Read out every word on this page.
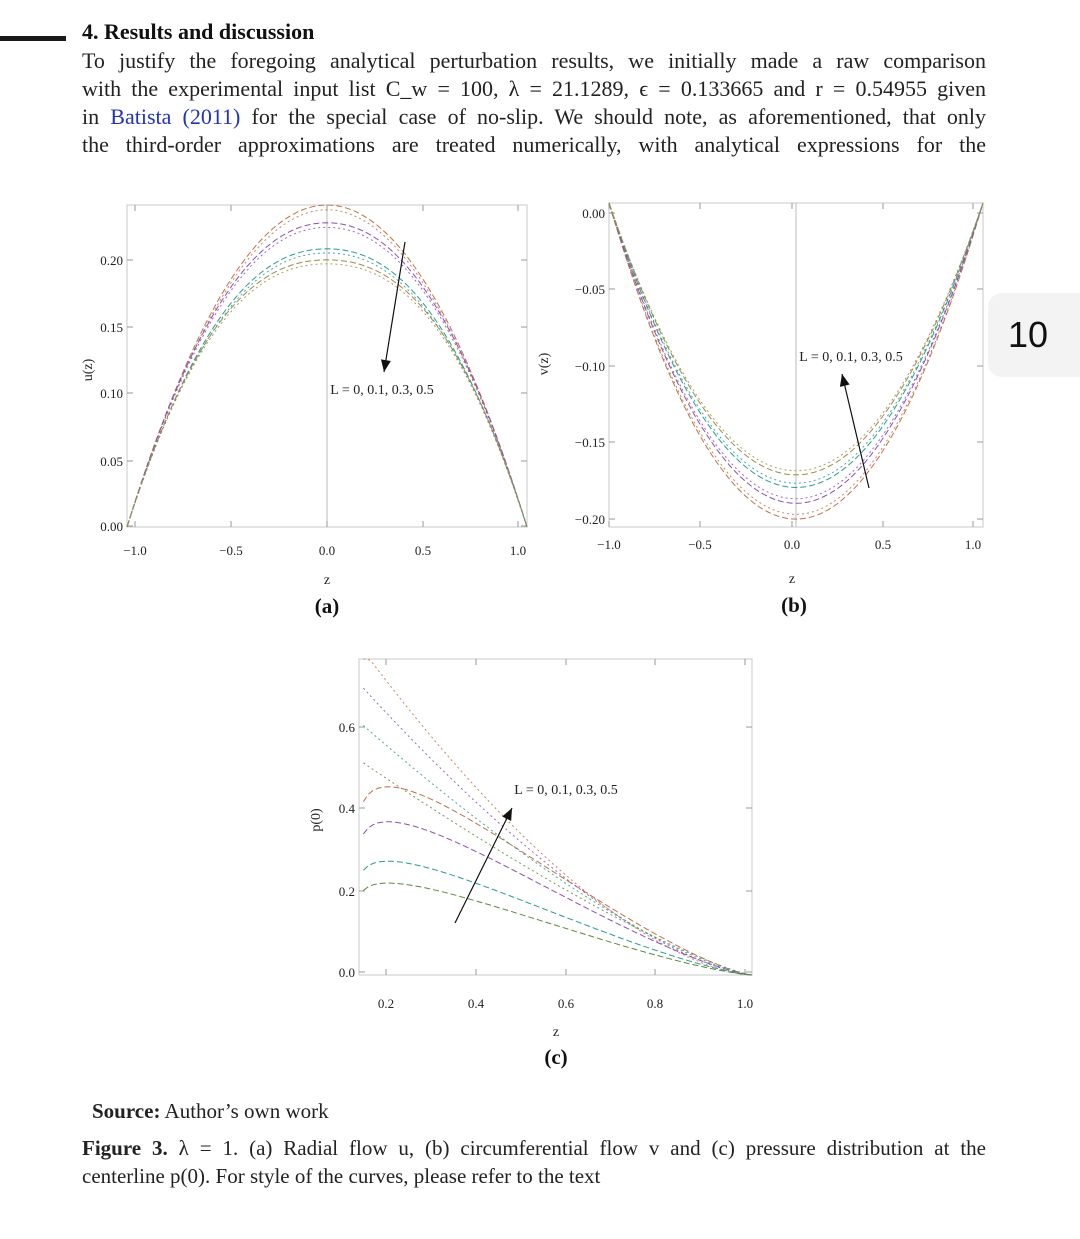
4. Results and discussion
To justify the foregoing analytical perturbation results, we initially made a raw comparison
with the experimental input list C_w = 100, λ = 21.1289, ϵ = 0.133665 and r = 0.54955 given
in Batista (2011) for the special case of no-slip. We should note, as aforementioned, that only
the third-order approximations are treated numerically, with analytical expressions for the
10
−1.0	−0.5	0.0	0.5	1.0
0.00
0.05
0.10
0.15
0.20
z
u(z)
(a)
L = 0, 0.1, 0.3, 0.5
−1.0	−0.5	0.0	0.5	1.0
0.00
−0.05
−0.10
−0.15
−0.20
z
v(z)
(b)
L = 0, 0.1, 0.3, 0.5
0.2	0.4	0.6	0.8	1.0
0.0
0.2
0.4
0.6
z
p(0)
(c)
L = 0, 0.1, 0.3, 0.5
Source: Author’s own work
Figure 3. λ = 1. (a) Radial flow u, (b) circumferential flow v and (c) pressure distribution at the
centerline p(0). For style of the curves, please refer to the text
